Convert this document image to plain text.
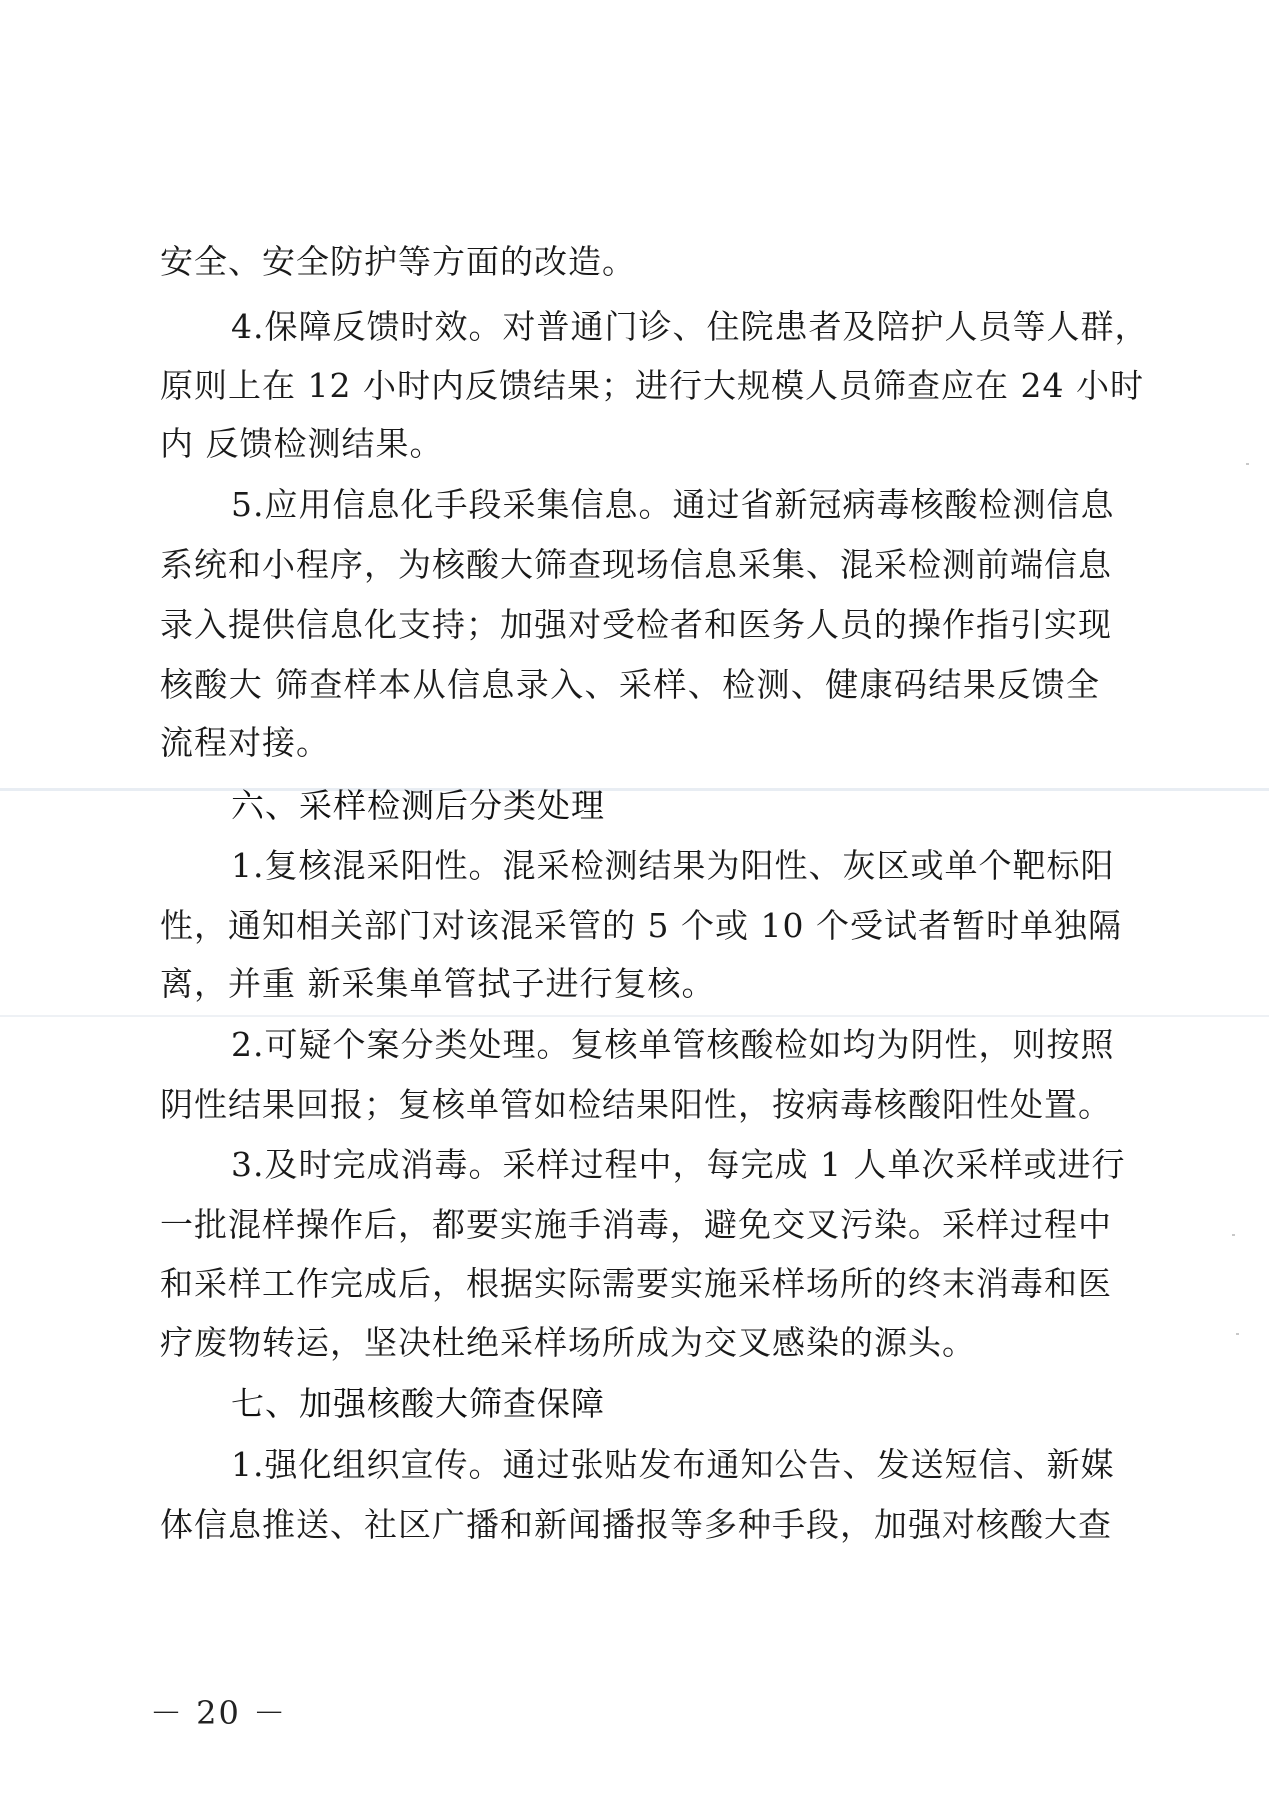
安全、安全防护等方面的改造。
4.保障反馈时效。对普通门诊、住院患者及陪护人员等人群，
原则上在 12 小时内反馈结果；进行大规模人员筛查应在 24 小时
内 反馈检测结果。
5.应用信息化手段采集信息。通过省新冠病毒核酸检测信息
系统和小程序，为核酸大筛查现场信息采集、混采检测前端信息
录入提供信息化支持；加强对受检者和医务人员的操作指引实现
核酸大 筛查样本从信息录入、采样、检测、健康码结果反馈全
流程对接。
六、采样检测后分类处理
1.复核混采阳性。混采检测结果为阳性、灰区或单个靶标阳
性，通知相关部门对该混采管的 5 个或 10 个受试者暂时单独隔
离，并重 新采集单管拭子进行复核。
2.可疑个案分类处理。复核单管核酸检如均为阴性，则按照
阴性结果回报；复核单管如检结果阳性，按病毒核酸阳性处置。
3.及时完成消毒。采样过程中，每完成 1 人单次采样或进行
一批混样操作后，都要实施手消毒，避免交叉污染。采样过程中
和采样工作完成后，根据实际需要实施采样场所的终末消毒和医
疗废物转运，坚决杜绝采样场所成为交叉感染的源头。
七、加强核酸大筛查保障
1.强化组织宣传。通过张贴发布通知公告、发送短信、新媒
体信息推送、社区广播和新闻播报等多种手段，加强对核酸大查
－ 20 －
